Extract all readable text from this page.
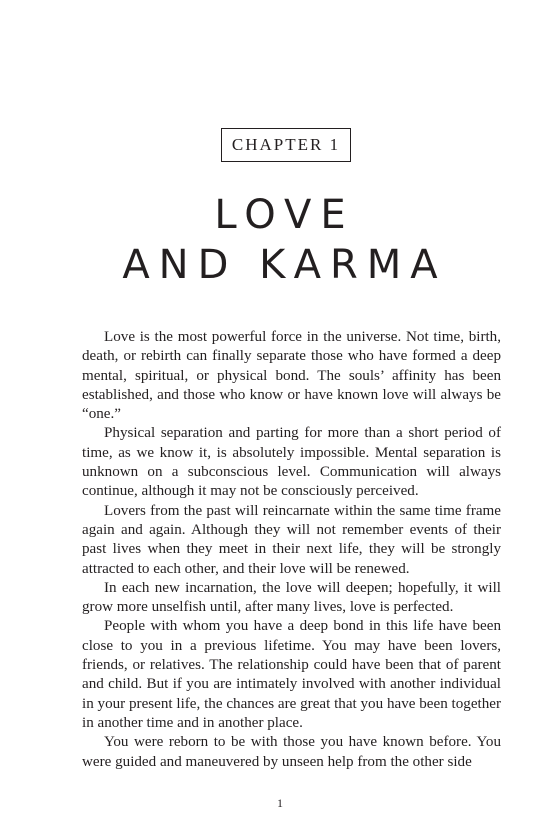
CHAPTER 1
LOVE
AND KARMA

Love is the most powerful force in the universe. Not time, birth, death, or rebirth can finally separate those who have formed a deep mental, spiritual, or physical bond. The souls’ affinity has been established, and those who know or have known love will always be “one.”

Physical separation and parting for more than a short period of time, as we know it, is absolutely impossible. Mental separation is unknown on a subconscious level. Communication will always continue, although it may not be consciously perceived.

Lovers from the past will reincarnate within the same time frame again and again. Although they will not remember events of their past lives when they meet in their next life, they will be strongly attracted to each other, and their love will be renewed.

In each new incarnation, the love will deepen; hopefully, it will grow more unselfish until, after many lives, love is perfected.

People with whom you have a deep bond in this life have been close to you in a previous lifetime. You may have been lovers, friends, or relatives. The relationship could have been that of parent and child. But if you are intimately involved with another individual in your present life, the chances are great that you have been together in another time and in another place.

You were reborn to be with those you have known before. You were guided and maneuvered by unseen help from the other side

1
